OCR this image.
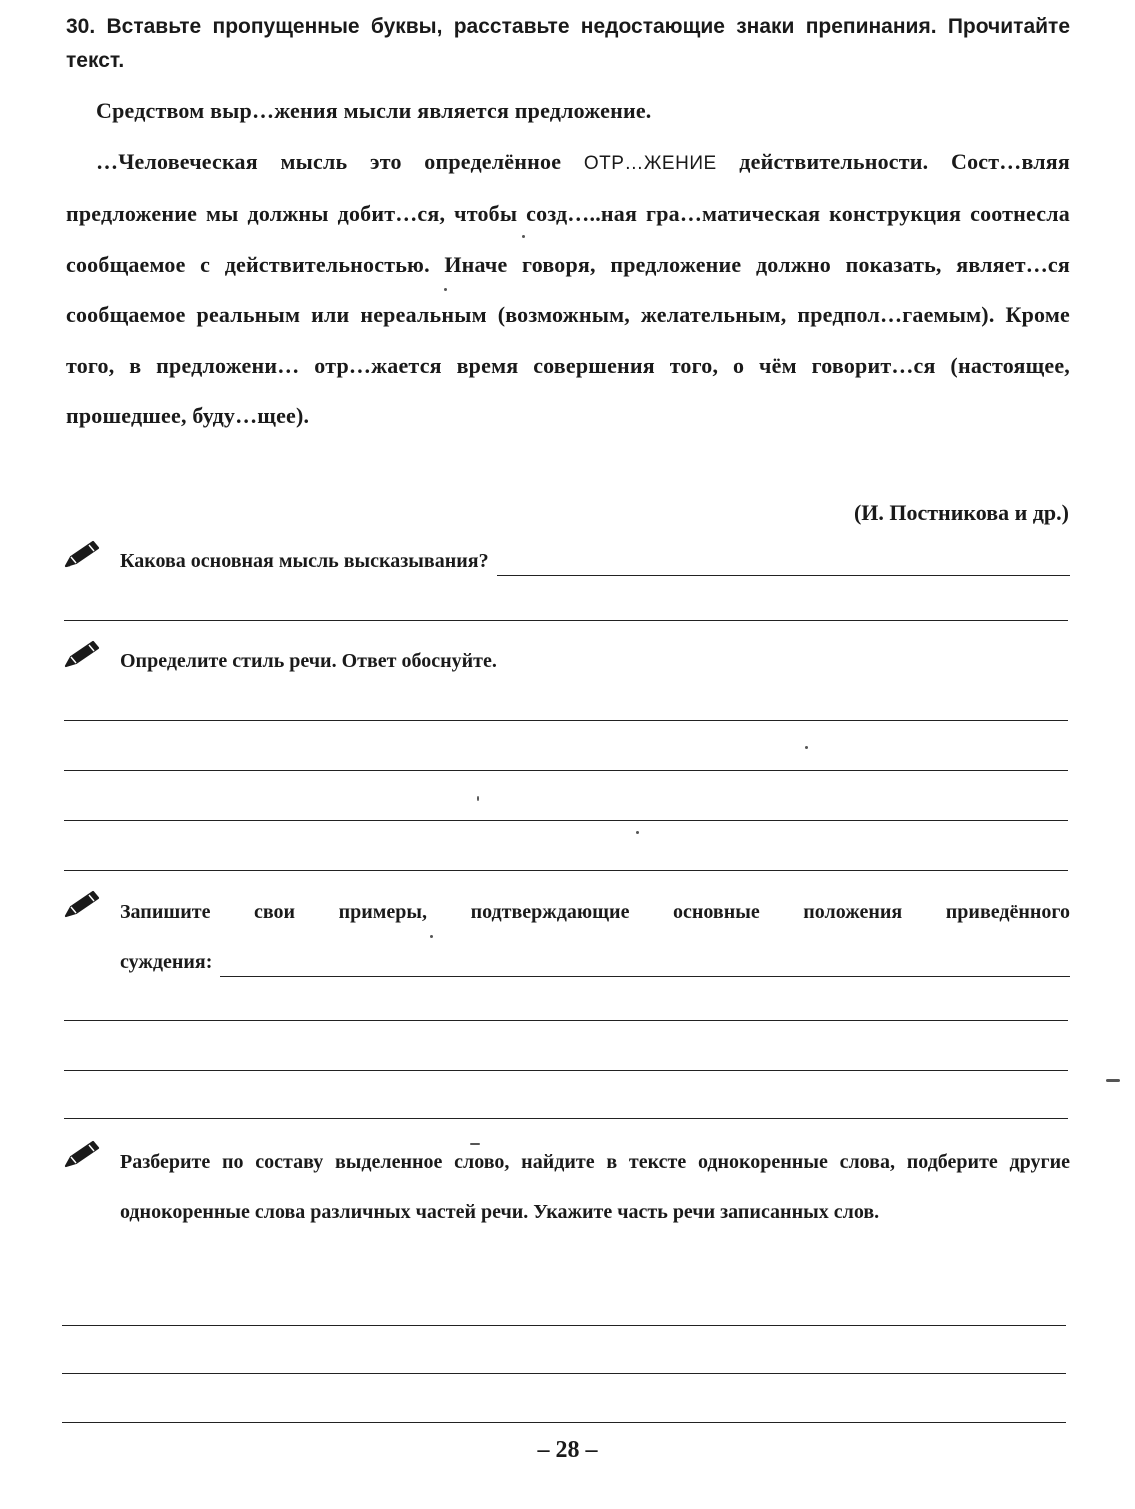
30. Вставьте пропущенные буквы, расставьте недостающие знаки препинания. Прочитайте текст.

Средством выр…жения мысли является предложение.

…Человеческая мысль это определённое ОТР…ЖЕНИЕ действительности. Сост…вляя предложение мы должны добит…ся, чтобы созд…..ная гра…матическая конструкция соотнесла сообщаемое с действительностью. Иначе говоря, предложение должно показать, являет…ся сообщаемое реальным или нереальным (возможным, желательным, предпол…гаемым). Кроме того, в предложени… отр…жается время совершения того, о чём говорит…ся (настоящее, прошедшее, буду…щее).

(И. Постникова и др.)
Какова основная мысль высказывания?
Определите стиль речи. Ответ обоснуйте.
Запишите свои примеры, подтверждающие основные положения приведённого
суждения:
Разберите по составу выделенное слово, найдите в тексте однокоренные слова, подберите другие однокоренные слова различных частей речи. Укажите часть речи записанных слов.
– 28 –
